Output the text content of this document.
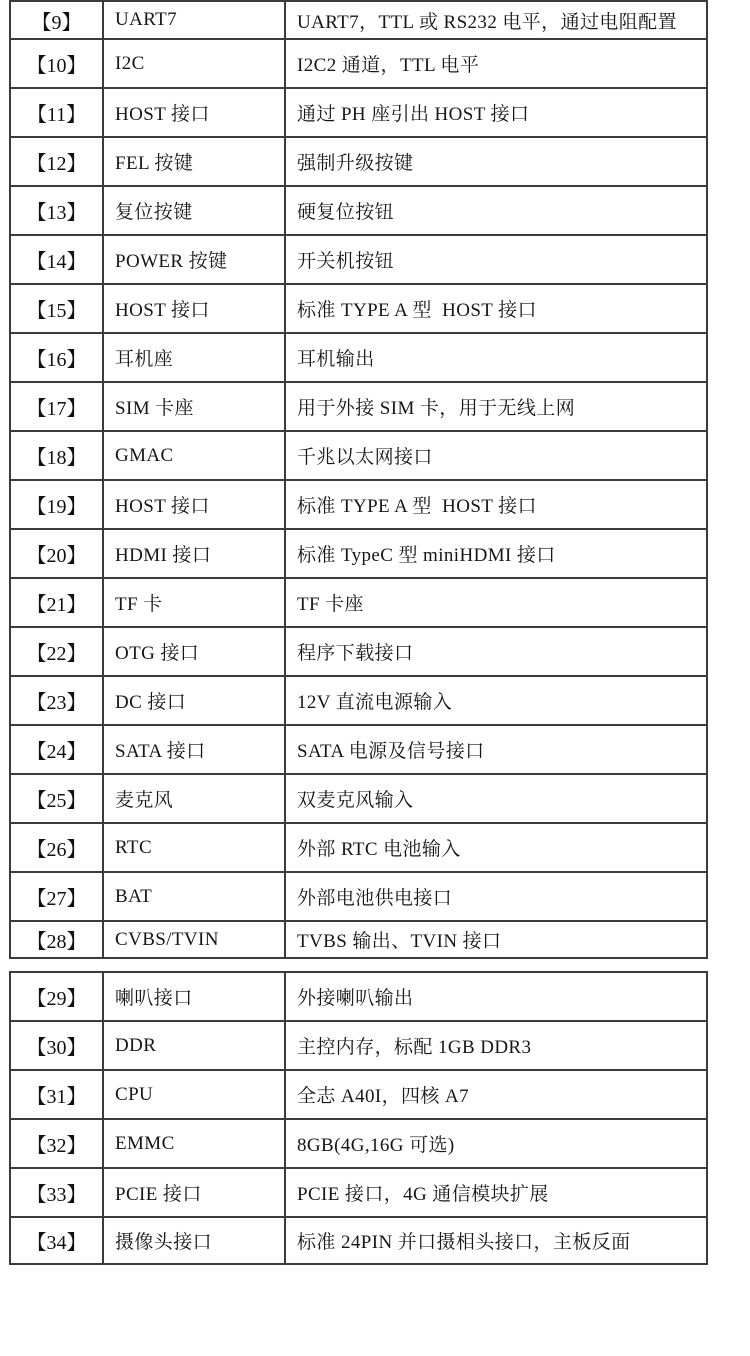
【9】	UART7	UART7，TTL 或 RS232 电平，通过电阻配置
【10】	I2C	I2C2 通道，TTL 电平
【11】	HOST 接口	通过 PH 座引出 HOST 接口
【12】	FEL 按键	强制升级按键
【13】	复位按键	硬复位按钮
【14】	POWER 按键	开关机按钮
【15】	HOST 接口	标准 TYPE A 型  HOST 接口
【16】	耳机座	耳机输出
【17】	SIM 卡座	用于外接 SIM 卡，用于无线上网
【18】	GMAC	千兆以太网接口
【19】	HOST 接口	标准 TYPE A 型  HOST 接口
【20】	HDMI 接口	标准 TypeC 型 miniHDMI 接口
【21】	TF 卡	TF 卡座
【22】	OTG 接口	程序下载接口
【23】	DC 接口	12V 直流电源输入
【24】	SATA 接口	SATA 电源及信号接口
【25】	麦克风	双麦克风输入
【26】	RTC	外部 RTC 电池输入
【27】	BAT	外部电池供电接口
【28】	CVBS/TVIN	TVBS 输出、TVIN 接口
【29】	喇叭接口	外接喇叭输出
【30】	DDR	主控内存，标配 1GB DDR3
【31】	CPU	全志 A40I，四核 A7
【32】	EMMC	8GB(4G,16G 可选)
【33】	PCIE 接口	PCIE 接口，4G 通信模块扩展
【34】	摄像头接口	标准 24PIN 并口摄相头接口，主板反面
